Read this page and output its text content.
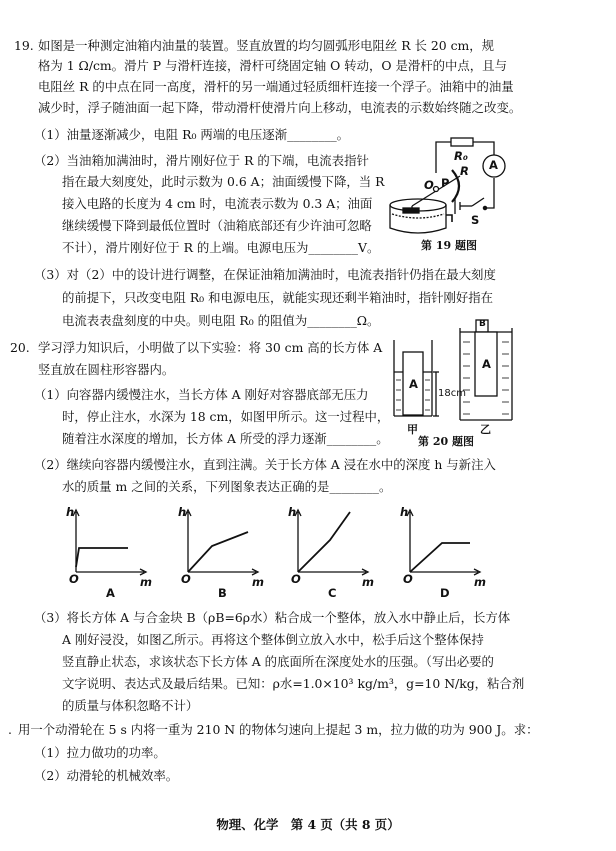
19. 如图是一种测定油箱内油量的装置。竖直放置的均匀圆弧形电阻丝 R 长 20 cm，规
格为 1 Ω/cm。滑片 P 与滑杆连接，滑杆可绕固定轴 O 转动，O 是滑杆的中点，且与
电阻丝 R 的中点在同一高度，滑杆的另一端通过轻质细杆连接一个浮子。油箱中的油量
减少时，浮子随油面一起下降，带动滑杆使滑片向上移动，电流表的示数始终随之改变。
（1）油量逐渐减少，电阻 R₀ 两端的电压逐渐________。
（2）当油箱加满油时，滑片刚好位于 R 的下端，电流表指针
指在最大刻度处，此时示数为 0.6 A；油面缓慢下降，当 R
接入电路的长度为 4 cm 时，电流表示数为 0.3 A；油面
继续缓慢下降到最低位置时（油箱底部还有少许油可忽略
不计），滑片刚好位于 R 的上端。电源电压为________V。
（3）对（2）中的设计进行调整，在保证油箱加满油时，电流表指针仍指在最大刻度
的前提下，只改变电阻 R₀ 和电源电压，就能实现还剩半箱油时，指针刚好指在
电流表表盘刻度的中央。则电阻 R₀ 的阻值为________Ω。
R₀
A
O P
R
S
第 19 题图
20. 学习浮力知识后，小明做了以下实验：将 30 cm 高的长方体 A
竖直放在圆柱形容器内。
（1）向容器内缓慢注水，当长方体 A 刚好对容器底部无压力
时，停止注水，水深为 18 cm，如图甲所示。这一过程中，
随着注水深度的增加，长方体 A 所受的浮力逐渐________。
（2）继续向容器内缓慢注水，直到注满。关于长方体 A 浸在水中的深度 h 与新注入
水的质量 m 之间的关系，下列图象表达正确的是________。
A
18cm
B
A
甲	乙
第 20 题图
h
m
O
A
h
m
O
B
h
m
O
C
h
m
O
D
（3）将长方体 A 与合金块 B（ρB=6ρ水）粘合成一个整体，放入水中静止后，长方体
A 刚好浸没，如图乙所示。再将这个整体倒立放入水中，松手后这个整体保持
竖直静止状态，求该状态下长方体 A 的底面所在深度处水的压强。（写出必要的
文字说明、表达式及最后结果。已知：ρ水=1.0×10³ kg/m³，g=10 N/kg，粘合剂
的质量与体积忽略不计）
. 用一个动滑轮在 5 s 内将一重为 210 N 的物体匀速向上提起 3 m，拉力做的功为 900 J。求：
（1）拉力做功的功率。
（2）动滑轮的机械效率。
物理、化学　第 4 页（共 8 页）
